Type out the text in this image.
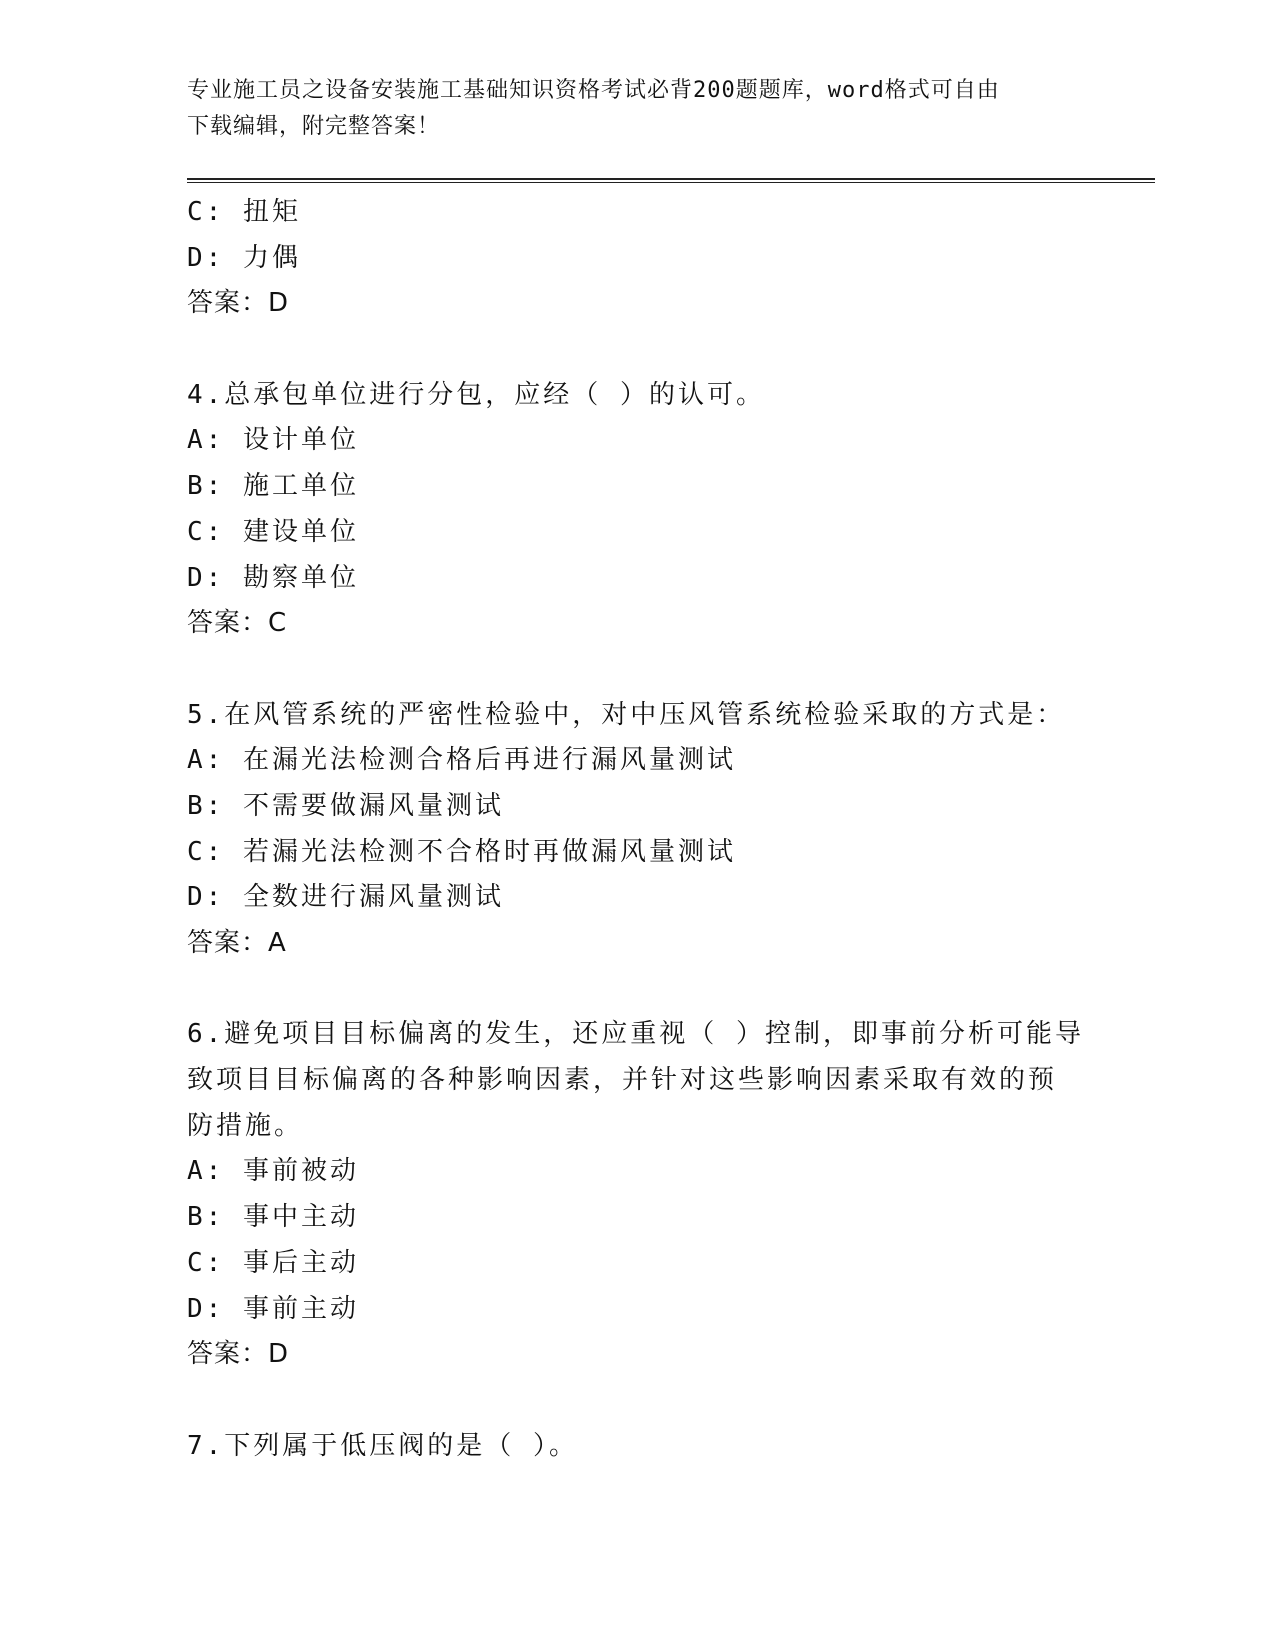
专业施工员之设备安装施工基础知识资格考试必背200题题库，word格式可自由
下载编辑，附完整答案！
C: 扭矩
D: 力偶
答案：D
4.总承包单位进行分包，应经（ ）的认可。
A: 设计单位
B: 施工单位
C: 建设单位
D: 勘察单位
答案：C
5.在风管系统的严密性检验中，对中压风管系统检验采取的方式是：
A: 在漏光法检测合格后再进行漏风量测试
B: 不需要做漏风量测试
C: 若漏光法检测不合格时再做漏风量测试
D: 全数进行漏风量测试
答案：A
6.避免项目目标偏离的发生，还应重视（ ）控制，即事前分析可能导
致项目目标偏离的各种影响因素，并针对这些影响因素采取有效的预
防措施。
A: 事前被动
B: 事中主动
C: 事后主动
D: 事前主动
答案：D
7.下列属于低压阀的是（ ）。
